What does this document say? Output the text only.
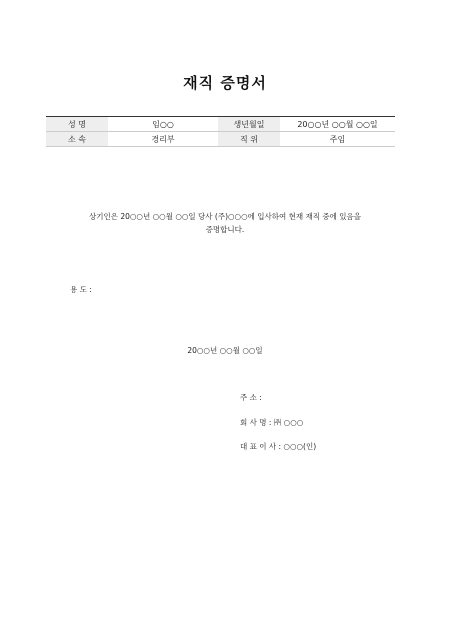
재직 증명서
성 명	임○○	생년월일	20○○년 ○○월 ○○일
소 속	경리부	직 위	주임
상기인은 20○○년 ○○월 ○○일 당사 (주)○○○에 입사하여 현재 재직 중에 있음을
증명합니다.
용 도 :
20○○년 ○○월 ○○일
주 소 :
회 사 명 : ㈜ ○○○
대 표 이 사 : ○○○(인)
